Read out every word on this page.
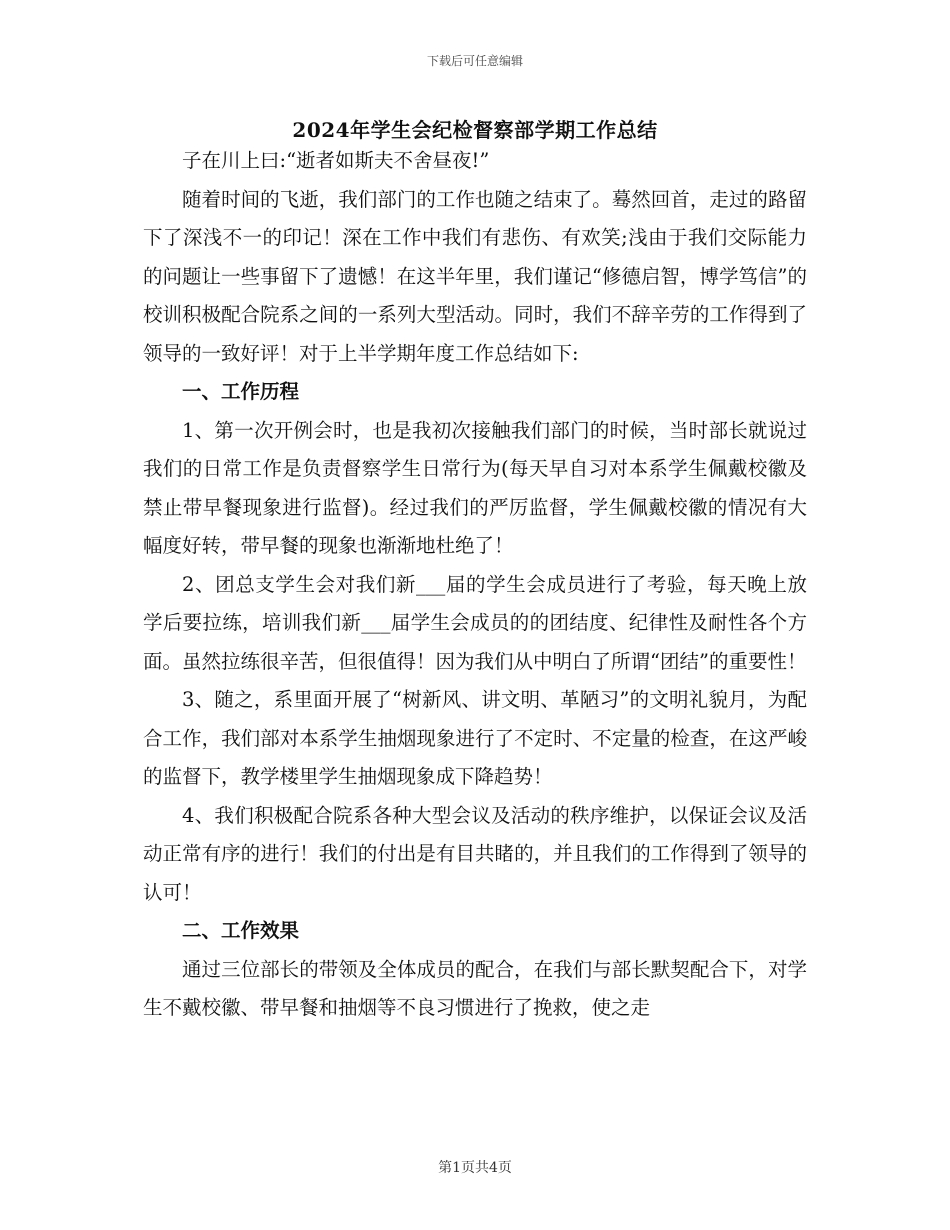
下载后可任意编辑
2024年学生会纪检督察部学期工作总结

子在川上曰:“逝者如斯夫不舍昼夜!”

随着时间的飞逝，我们部门的工作也随之结束了。蓦然回首，走过的路留下了深浅不一的印记！深在工作中我们有悲伤、有欢笑;浅由于我们交际能力的问题让一些事留下了遗憾！在这半年里，我们谨记“修德启智，博学笃信”的校训积极配合院系之间的一系列大型活动。同时，我们不辞辛劳的工作得到了领导的一致好评！对于上半学期年度工作总结如下:

一、工作历程

1、第一次开例会时，也是我初次接触我们部门的时候，当时部长就说过我们的日常工作是负责督察学生日常行为(每天早自习对本系学生佩戴校徽及禁止带早餐现象进行监督)。经过我们的严厉监督，学生佩戴校徽的情况有大幅度好转，带早餐的现象也渐渐地杜绝了！

2、团总支学生会对我们新___届的学生会成员进行了考验，每天晚上放学后要拉练，培训我们新___届学生会成员的的团结度、纪律性及耐性各个方面。虽然拉练很辛苦，但很值得！因为我们从中明白了所谓“团结”的重要性！

3、随之，系里面开展了“树新风、讲文明、革陋习”的文明礼貌月，为配合工作，我们部对本系学生抽烟现象进行了不定时、不定量的检查，在这严峻的监督下，教学楼里学生抽烟现象成下降趋势！

4、我们积极配合院系各种大型会议及活动的秩序维护，以保证会议及活动正常有序的进行！我们的付出是有目共睹的，并且我们的工作得到了领导的认可！

二、工作效果

通过三位部长的带领及全体成员的配合，在我们与部长默契配合下，对学生不戴校徽、带早餐和抽烟等不良习惯进行了挽救，使之走

第1页共4页
